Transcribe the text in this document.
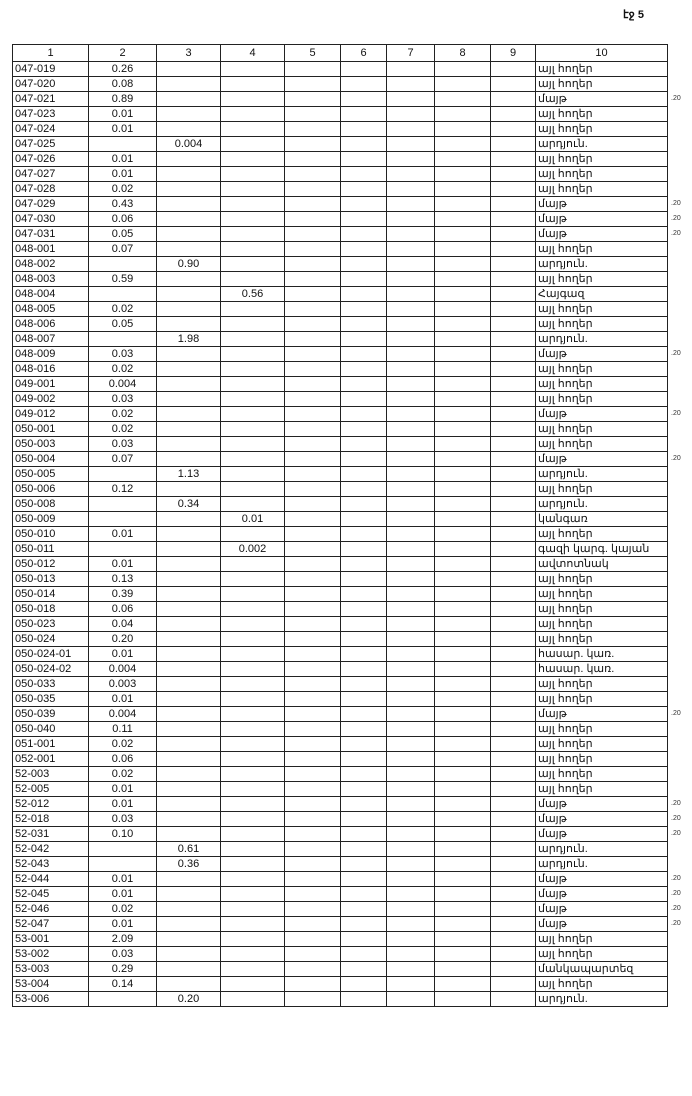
էջ 5
1	2	3	4	5	6	7	8	9	10
047-019	0.26								այլ հողեր
047-020	0.08								այլ հողեր
047-021	0.89								մայթ
047-023	0.01								այլ հողեր
047-024	0.01								այլ հողեր
047-025		0.004							արդյուն.
047-026	0.01								այլ հողեր
047-027	0.01								այլ հողեր
047-028	0.02								այլ հողեր
047-029	0.43								մայթ
047-030	0.06								մայթ
047-031	0.05								մայթ
048-001	0.07								այլ հողեր
048-002		0.90							արդյուն.
048-003	0.59								այլ հողեր
048-004			0.56						Հայգազ
048-005	0.02								այլ հողեր
048-006	0.05								այլ հողեր
048-007		1.98							արդյուն.
048-009	0.03								մայթ
048-016	0.02								այլ հողեր
049-001	0.004								այլ հողեր
049-002	0.03								այլ հողեր
049-012	0.02								մայթ
050-001	0.02								այլ հողեր
050-003	0.03								այլ հողեր
050-004	0.07								մայթ
050-005		1.13							արդյուն.
050-006	0.12								այլ հողեր
050-008		0.34							արդյուն.
050-009			0.01						կանգառ
050-010	0.01								այլ հողեր
050-011			0.002						գազի կարգ. կայան
050-012	0.01								ավտոտնակ
050-013	0.13								այլ հողեր
050-014	0.39								այլ հողեր
050-018	0.06								այլ հողեր
050-023	0.04								այլ հողեր
050-024	0.20								այլ հողեր
050-024-01	0.01								հասար. կառ.
050-024-02	0.004								հասար. կառ.
050-033	0.003								այլ հողեր
050-035	0.01								այլ հողեր
050-039	0.004								մայթ
050-040	0.11								այլ հողեր
051-001	0.02								այլ հողեր
052-001	0.06								այլ հողեր
52-003	0.02								այլ հողեր
52-005	0.01								այլ հողեր
52-012	0.01								մայթ
52-018	0.03								մայթ
52-031	0.10								մայթ
52-042		0.61							արդյուն.
52-043		0.36							արդյուն.
52-044	0.01								մայթ
52-045	0.01								մայթ
52-046	0.02								մայթ
52-047	0.01								մայթ
53-001	2.09								այլ հողեր
53-002	0.03								այլ հողեր
53-003	0.29								մանկապարտեզ
53-004	0.14								այլ հողեր
53-006		0.20							արդյուն.
.20
.20
.20
.20
.20
.20
.20
.20
.20
.20
.20
.20
.20
.20
.20
